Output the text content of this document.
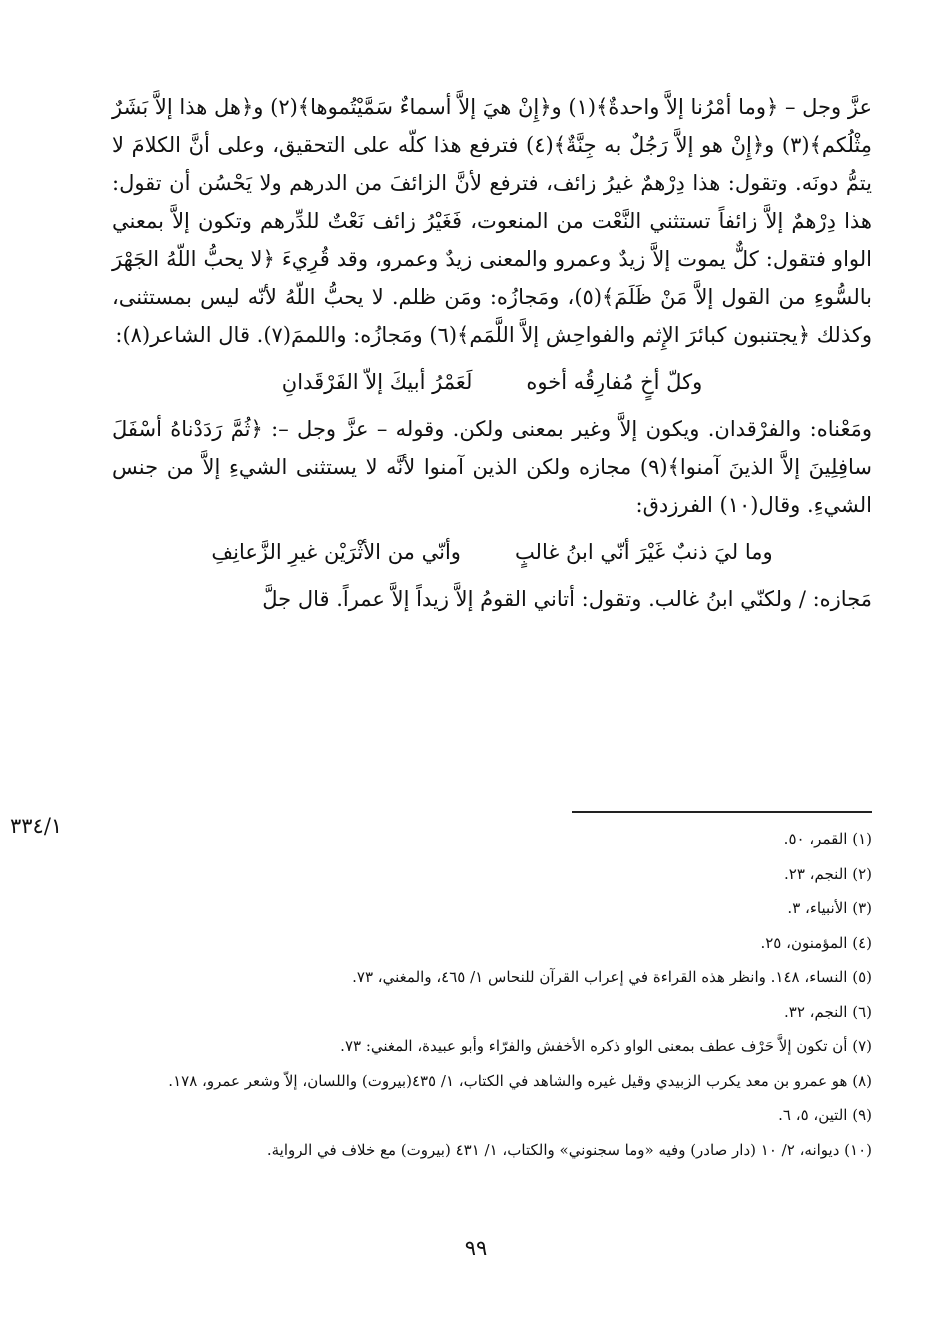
عزَّ وجل – ﴿وما أمْرُنا إلاَّ واحدةٌ﴾(١) و﴿إِنْ هيَ إلاَّ أسماءٌ سَمَّيْتُموها﴾(٢) و﴿هل هذا إلاَّ بَشَرٌ مِثْلُكم﴾(٣) و﴿إِنْ هو إلاَّ رَجُلٌ به جِنَّةٌ﴾(٤) فترفع هذا كلّه على التحقيق، وعلى أنَّ الكلامَ لا يتمُّ دونَه. وتقول: هذا دِرْهمٌ غيرُ زائف، فترفع لأنَّ الزائفَ من الدرهم ولا يَحْسُن أن تقول: هذا دِرْهمٌ إلاَّ زائفاً تستثني النَّعْت من المنعوت، فَغَيْرُ زائف نَعْتٌ للدِّرهم وتكون إلاَّ بمعني الواو فتقول: كلٌّ يموت إلاَّ زيدٌ وعمرو والمعنى زيدٌ وعمرو، وقد قُرِيءَ ﴿لا يحبُّ اللّهُ الجَهْرَ بالسُّوءِ من القول إلاَّ مَنْ ظَلَمَ﴾(٥)، ومَجازُه: ومَن ظلم. لا يحبُّ اللّهُ لأنّه ليس بمستثنى، وكذلك ﴿يجتنبون كبائرَ الإِثم والفواحِش إلاَّ اللَّمَم﴾(٦) ومَجازُه: واللممَ(٧). قال الشاعر(٨):

وكلّ أخٍ مُفارِقُه أخوه
لَعَمْرُ أبيكَ إلاّ الفَرْقَدانِ

ومَعْناه: والفرْقدان. ويكون إلاَّ وغير بمعنى ولكن. وقوله – عزَّ وجل –: ﴿ثُمَّ رَدَدْناهُ أسْفَلَ سافِلِينَ إلاَّ الذينَ آمنوا﴾(٩) مجازه ولكن الذين آمنوا لأنَّه لا يستثنى الشيءِ إلاَّ من جنس الشيءِ. وقال(١٠) الفرزدق:

وما ليَ ذنبٌ غَيْرَ أنّي ابنُ غالبٍ
وأنّي من الأثْرَيْن غيرِ الزَّعانِفِ

مَجازه: / ولكنّي ابنُ غالب. وتقول: أتاني القومُ إلاَّ زيداً إلاَّ عمراً. قال جلَّ

٣٣٤/١
(١) القمر، ٥٠.
(٢) النجم، ٢٣.
(٣) الأنبياء، ٣.
(٤) المؤمنون، ٢٥.
(٥) النساء، ١٤٨. وانظر هذه القراءة في إعراب القرآن للنحاس ١/ ٤٦٥، والمغني، ٧٣.
(٦) النجم، ٣٢.
(٧) أن تكون إلاَّ حَرْف عطف بمعنى الواو ذكره الأخفش والفرّاء وأبو عبيدة، المغني: ٧٣.
(٨) هو عمرو بن معد يكرب الزبيدي وقيل غيره والشاهد في الكتاب، ١/ ٤٣٥(بيروت) واللسان، إلاّ وشعر عمرو، ١٧٨.
(٩) التين، ٥، ٦.
(١٠) ديوانه، ٢/ ١٠ (دار صادر) وفيه «وما سجنوني» والكتاب، ١/ ٤٣١ (بيروت) مع خلاف في الرواية.
٩٩
